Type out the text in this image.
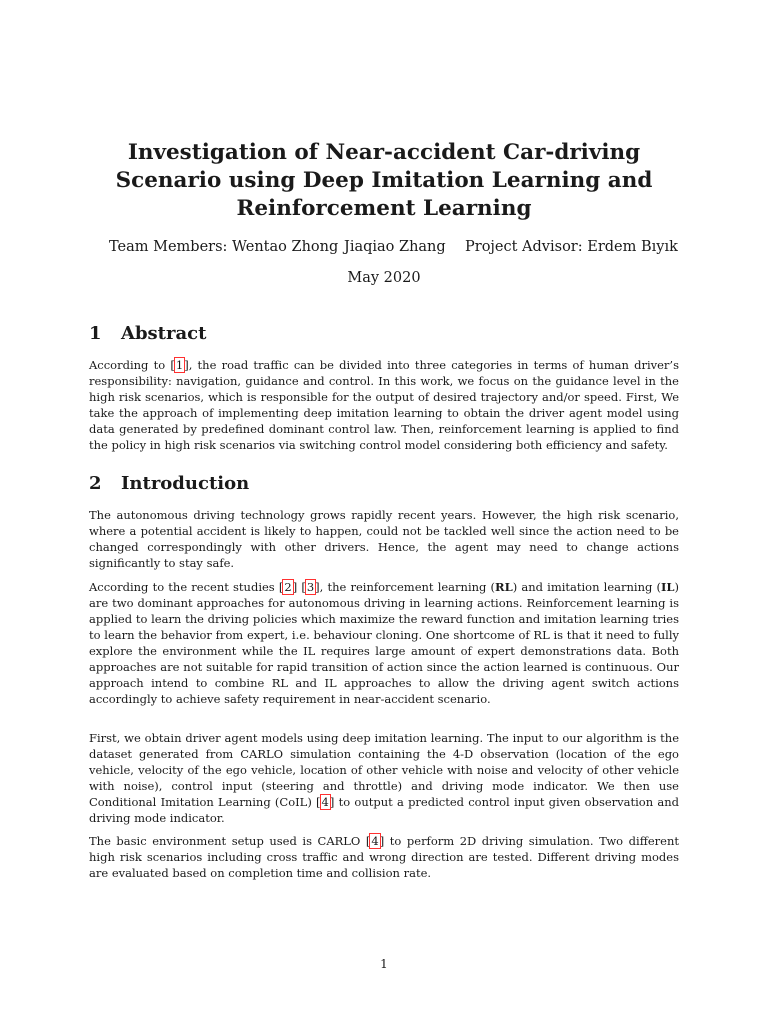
Investigation of Near-accident Car-driving Scenario using Deep Imitation Learning and Reinforcement Learning
Team Members: Wentao Zhong Jiaqiao Zhang Project Advisor: Erdem Bıyık
May 2020
1 Abstract

According to [1], the road traffic can be divided into three categories in terms of human driver’s responsibility: navigation, guidance and control. In this work, we focus on the guidance level in the high risk scenarios, which is responsible for the output of desired trajectory and/or speed. First, We take the approach of implementing deep imitation learning to obtain the driver agent model using data generated by predefined dominant control law. Then, reinforcement learning is applied to find the policy in high risk scenarios via switching control model considering both efficiency and safety.

2 Introduction

The autonomous driving technology grows rapidly recent years. However, the high risk scenario, where a potential accident is likely to happen, could not be tackled well since the action need to be changed correspondingly with other drivers. Hence, the agent may need to change actions significantly to stay safe.

According to the recent studies [2] [3], the reinforcement learning (RL) and imitation learning (IL) are two dominant approaches for autonomous driving in learning actions. Reinforcement learning is applied to learn the driving policies which maximize the reward function and imitation learning tries to learn the behavior from expert, i.e. behaviour cloning. One shortcome of RL is that it need to fully explore the environment while the IL requires large amount of expert demonstrations data. Both approaches are not suitable for rapid transition of action since the action learned is continuous. Our approach intend to combine RL and IL approaches to allow the driving agent switch actions accordingly to achieve safety requirement in near-accident scenario.

First, we obtain driver agent models using deep imitation learning. The input to our algorithm is the dataset generated from CARLO simulation containing the 4-D observation (location of the ego vehicle, velocity of the ego vehicle, location of other vehicle with noise and velocity of other vehicle with noise), control input (steering and throttle) and driving mode indicator. We then use Conditional Imitation Learning (CoIL) [4] to output a predicted control input given observation and driving mode indicator.

The basic environment setup used is CARLO [4] to perform 2D driving simulation. Two different high risk scenarios including cross traffic and wrong direction are tested. Different driving modes are evaluated based on completion time and collision rate.

1
